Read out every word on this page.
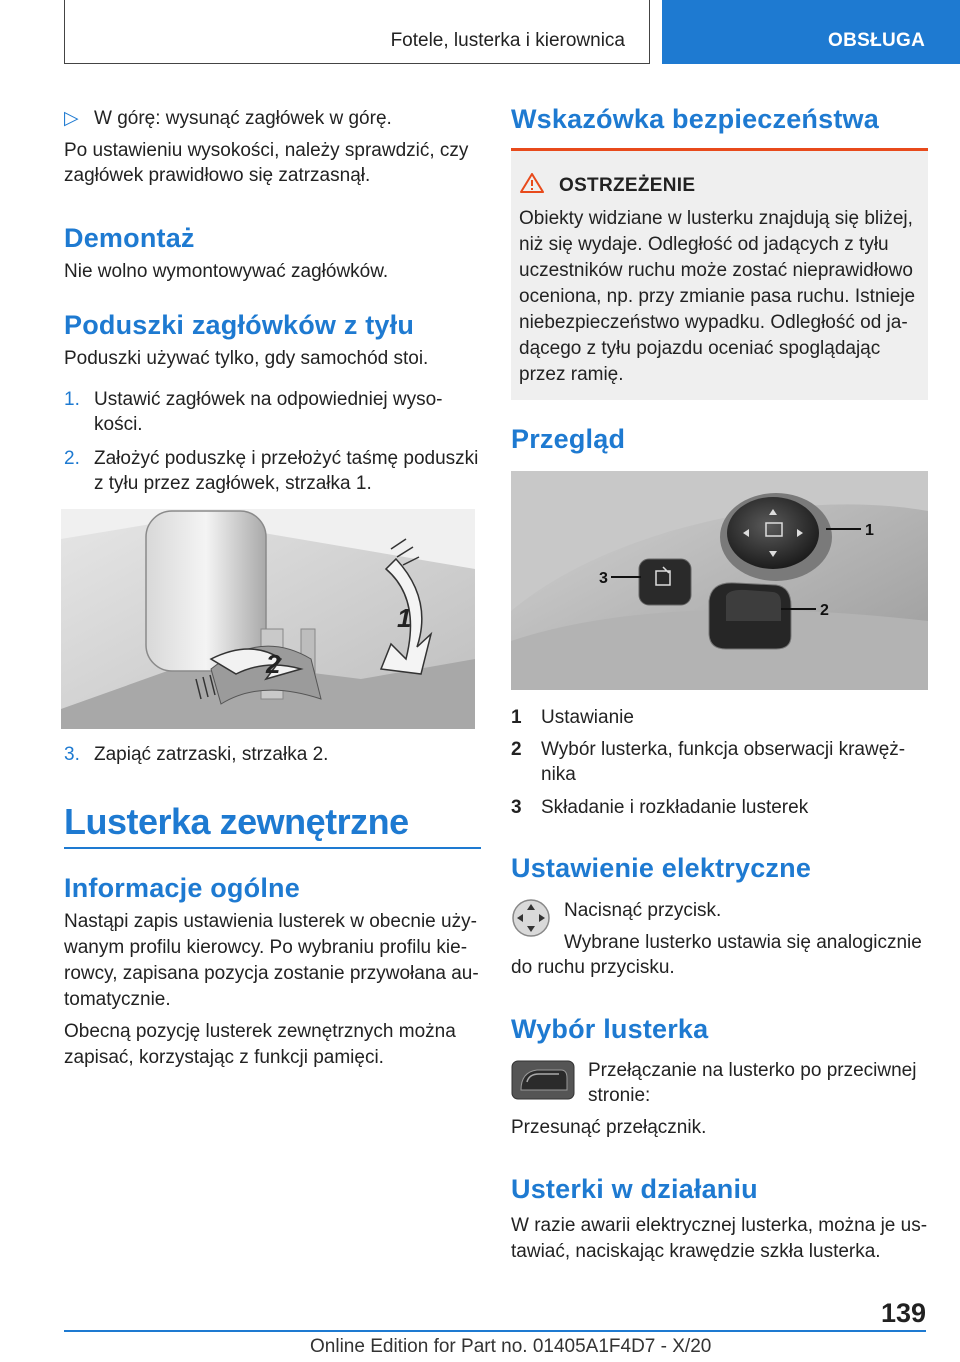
Fotele, lusterka i kierownica	OBSŁUGA
▷ W górę: wysunąć zagłówek w górę.
Po ustawieniu wysokości, należy sprawdzić, czy
zagłówek prawidłowo się zatrzasnął.
Demontaż
Nie wolno wymontowywać zagłówków.
Poduszki zagłówków z tyłu
Poduszki używać tylko, gdy samochód stoi.
1. Ustawić zagłówek na odpowiedniej wyso-
kości.
2. Założyć poduszkę i przełożyć taśmę poduszki
z tyłu przez zagłówek, strzałka 1.
1
2
3. Zapiąć zatrzaski, strzałka 2.
Lusterka zewnętrzne
Informacje ogólne
Nastąpi zapis ustawienia lusterek w obecnie uży-
wanym profilu kierowcy. Po wybraniu profilu kie-
rowcy, zapisana pozycja zostanie przywołana au-
tomatycznie.
Obecną pozycję lusterek zewnętrznych można
zapisać, korzystając z funkcji pamięci.
Wskazówka bezpieczeństwa
OSTRZEŻENIE
Obiekty widziane w lusterku znajdują się bliżej,
niż się wydaje. Odległość od jadących z tyłu
uczestników ruchu może zostać nieprawidłowo
oceniona, np. przy zmianie pasa ruchu. Istnieje
niebezpieczeństwo wypadku. Odległość od ja-
dącego z tyłu pojazdu oceniać spoglądając
przez ramię.
Przegląd
1
2
3
1 Ustawianie
2 Wybór lusterka, funkcja obserwacji krawęż-
nika
3 Składanie i rozkładanie lusterek
Ustawienie elektryczne
Nacisnąć przycisk.
Wybrane lusterko ustawia się analogicznie
do ruchu przycisku.
Wybór lusterka
Przełączanie na lusterko po przeciwnej
stronie:
Przesunąć przełącznik.
Usterki w działaniu
W razie awarii elektrycznej lusterka, można je us-
tawiać, naciskając krawędzie szkła lusterka.
139
Online Edition for Part no. 01405A1F4D7 - X/20
